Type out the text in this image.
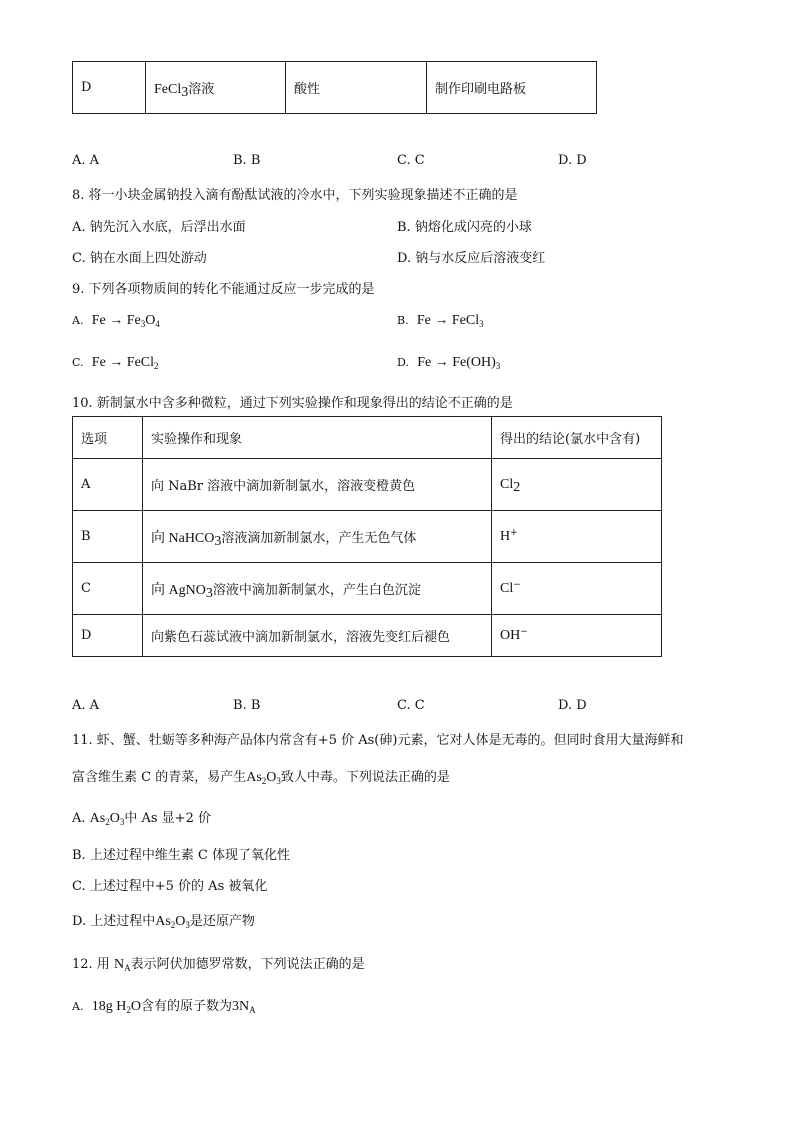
D	FeCl$_3$溶液	酸性	制作印刷电路板
A. A	B. B	C. C	D. D
8. 将一小块金属钠投入滴有酚酞试液的冷水中，下列实验现象描述不正确的是
A. 钠先沉入水底，后浮出水面	B. 钠熔化成闪亮的小球
C. 钠在水面上四处游动	D. 钠与水反应后溶液变红
9. 下列各项物质间的转化不能通过反应一步完成的是
A. $Fe \to Fe_3O_4$	B. Fe → FeCl$_3$
C. Fe → FeCl$_2$	D. $Fe \to Fe(OH)_3$
10. 新制氯水中含多种微粒，通过下列实验操作和现象得出的结论不正确的是
选项	实验操作和现象	得出的结论(氯水中含有)
A	向 NaBr 溶液中滴加新制氯水，溶液变橙黄色	$Cl_2$
B	向 NaHCO$_3$溶液滴加新制氯水，产生无色气体	H+
C	向 AgNO$_3$溶液中滴加新制氯水，产生白色沉淀	Cl−
D	向紫色石蕊试液中滴加新制氯水，溶液先变红后褪色	OH−
A. A	B. B	C. C	D. D
11. 虾、蟹、牡蛎等多种海产品体内常含有+5 价 As(砷)元素，它对人体是无毒的。但同时食用大量海鲜和
富含维生素 C 的青菜，易产生$As_2O_3$致人中毒。下列说法正确的是
A. $As_2O_3$中 As 显+2 价
B. 上述过程中维生素 C 体现了氧化性
C. 上述过程中+5 价的 As 被氧化
D. 上述过程中$As_2O_3$是还原产物
12. 用 $N_A$表示阿伏加德罗常数，下列说法正确的是
A. 18g $H_2O$含有的原子数为$3N_A$
